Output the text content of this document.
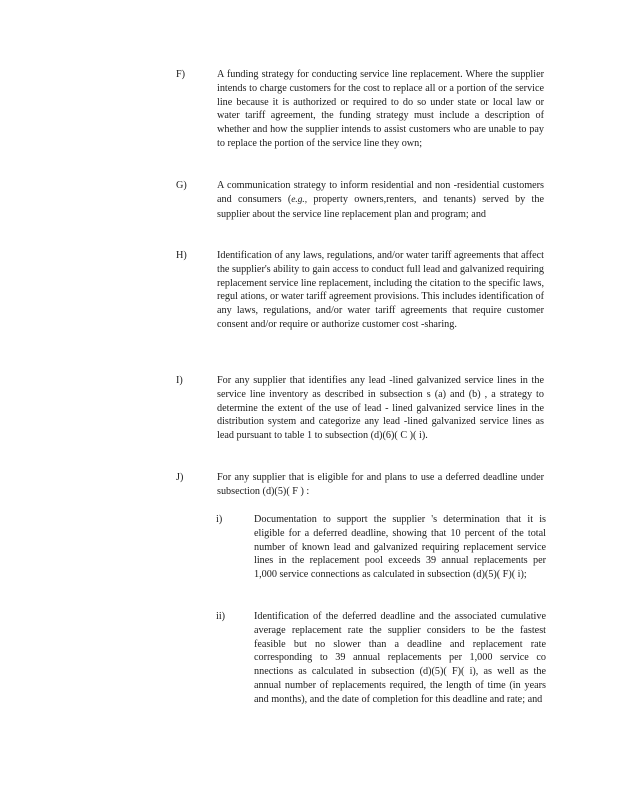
F)	A funding strategy for conducting service line replacement. Where the supplier intends to charge customers for the cost to replace all or a portion of the service line because it is authorized or required to do so under state or local law or water tariff agreement, the funding strategy must include a description of whether and how the supplier intends to assist customers who are unable to pay to replace the portion of the service line they own;
G)	A communication strategy to inform residential and non -residential customers and consumers (e.g., property owners,renters, and tenants) served by the supplier about the service line replacement plan and program; and
H)	Identification of any laws, regulations, and/or water tariff agreements that affect the supplier's ability to gain access to conduct full lead and galvanized requiring replacement service line replacement, including the citation to the specific laws, regul ations, or water tariff agreement provisions. This includes identification of any laws, regulations, and/or water tariff agreements that require customer consent and/or require or authorize customer cost -sharing.
I)	For any supplier that identifies any lead -lined galvanized service lines in the service line inventory as described in subsection s (a) and (b) , a strategy to determine the extent of the use of lead - lined galvanized service lines in the distribution system and categorize any lead -lined galvanized service lines as lead pursuant to table 1 to subsection (d)(6)( C )( i).
J)	For any supplier that is eligible for and plans to use a deferred deadline under subsection (d)(5)( F ) :
i)	Documentation to support the supplier 's determination that it is eligible for a deferred deadline, showing that 10 percent of the total number of known lead and galvanized requiring replacement service lines in the replacement pool exceeds 39 annual replacements per 1,000 service connections as calculated in subsection (d)(5)( F)( i);
ii)	Identification of the deferred deadline and the associated cumulative average replacement rate the supplier considers to be the fastest feasible but no slower than a deadline and replacement rate corresponding to 39 annual replacements per 1,000 service co nnections as calculated in subsection (d)(5)( F)( i), as well as the annual number of replacements required, the length of time (in years and months), and the date of completion for this deadline and rate; and
